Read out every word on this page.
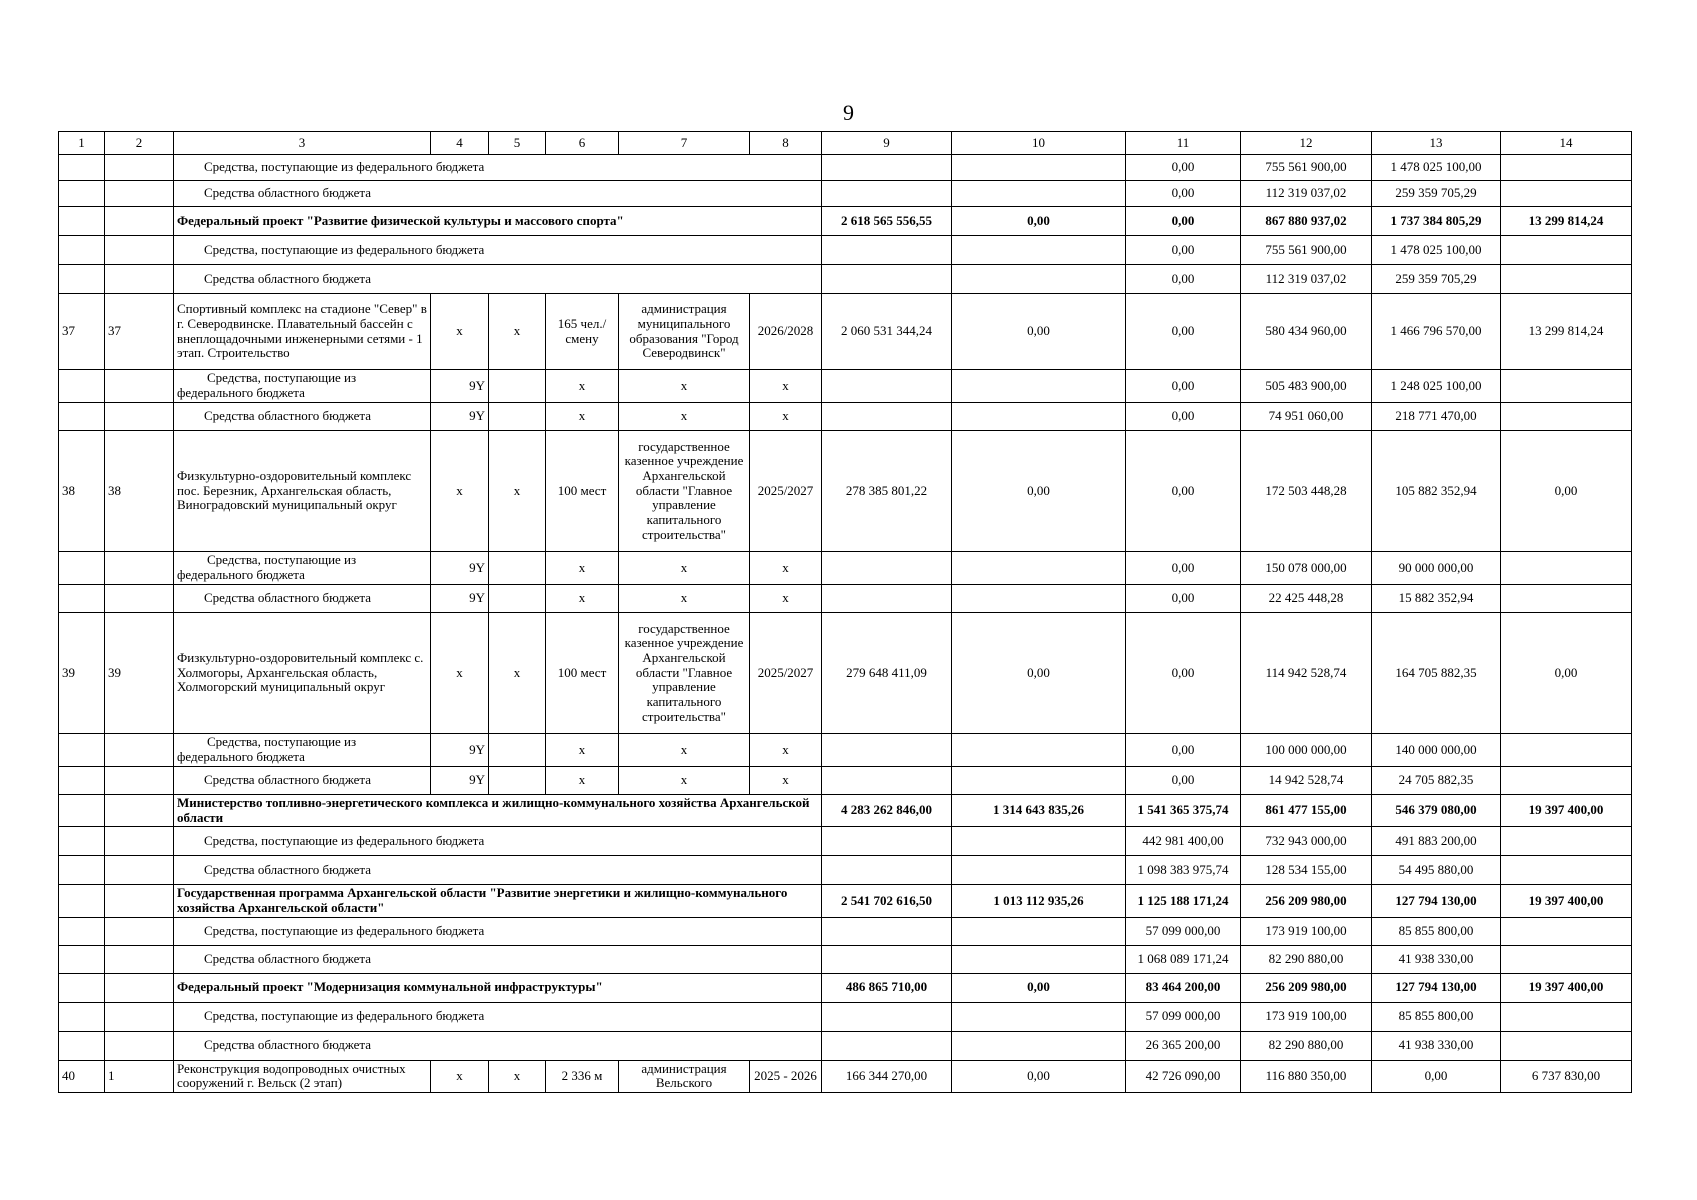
9
1	2	3	4	5	6	7	8	9	10	11	12	13	14
		Средства, поступающие из федерального бюджета								0,00	755 561 900,00	1 478 025 100,00	
		Средства областного бюджета								0,00	112 319 037,02	259 359 705,29	
		Федеральный проект "Развитие физической культуры и массового спорта"						2 618 565 556,55	0,00	0,00	867 880 937,02	1 737 384 805,29	13 299 814,24
		Средства, поступающие из федерального бюджета								0,00	755 561 900,00	1 478 025 100,00	
		Средства областного бюджета								0,00	112 319 037,02	259 359 705,29	
37	37	Спортивный комплекс на стадионе "Север" в г. Северодвинске. Плавательный бассейн с внеплощадочными инженерными сетями - 1 этап. Строительство	x	x	165 чел./смену	администрация муниципального образования "Город Северодвинск"	2026/2028	2 060 531 344,24	0,00	0,00	580 434 960,00	1 466 796 570,00	13 299 814,24
		Средства, поступающие из федерального бюджета	9Y		x	x	x			0,00	505 483 900,00	1 248 025 100,00	
		Средства областного бюджета	9Y		x	x	x			0,00	74 951 060,00	218 771 470,00	
38	38	Физкультурно-оздоровительный комплекс пос. Березник, Архангельская область, Виноградовский муниципальный округ	x	x	100 мест	государственное казенное учреждение Архангельской области "Главное управление капитального строительства"	2025/2027	278 385 801,22	0,00	0,00	172 503 448,28	105 882 352,94	0,00
		Средства, поступающие из федерального бюджета	9Y		x	x	x			0,00	150 078 000,00	90 000 000,00	
		Средства областного бюджета	9Y		x	x	x			0,00	22 425 448,28	15 882 352,94	
39	39	Физкультурно-оздоровительный комплекс с. Холмогоры, Архангельская область, Холмогорский муниципальный округ	x	x	100 мест	государственное казенное учреждение Архангельской области "Главное управление капитального строительства"	2025/2027	279 648 411,09	0,00	0,00	114 942 528,74	164 705 882,35	0,00
		Средства, поступающие из федерального бюджета	9Y		x	x	x			0,00	100 000 000,00	140 000 000,00	
		Средства областного бюджета	9Y		x	x	x			0,00	14 942 528,74	24 705 882,35	
		Министерство топливно-энергетического комплекса и жилищно-коммунального хозяйства Архангельской области						4 283 262 846,00	1 314 643 835,26	1 541 365 375,74	861 477 155,00	546 379 080,00	19 397 400,00
		Средства, поступающие из федерального бюджета								442 981 400,00	732 943 000,00	491 883 200,00	
		Средства областного бюджета								1 098 383 975,74	128 534 155,00	54 495 880,00	
		Государственная программа Архангельской области "Развитие энергетики и жилищно-коммунального хозяйства Архангельской области"						2 541 702 616,50	1 013 112 935,26	1 125 188 171,24	256 209 980,00	127 794 130,00	19 397 400,00
		Средства, поступающие из федерального бюджета								57 099 000,00	173 919 100,00	85 855 800,00	
		Средства областного бюджета								1 068 089 171,24	82 290 880,00	41 938 330,00	
		Федеральный проект "Модернизация коммунальной инфраструктуры"						486 865 710,00	0,00	83 464 200,00	256 209 980,00	127 794 130,00	19 397 400,00
		Средства, поступающие из федерального бюджета								57 099 000,00	173 919 100,00	85 855 800,00	
		Средства областного бюджета								26 365 200,00	82 290 880,00	41 938 330,00	
40	1	Реконструкция водопроводных очистных сооружений г. Вельск (2 этап)	x	x	2 336 м	администрация Вельского	2025 - 2026	166 344 270,00	0,00	42 726 090,00	116 880 350,00	0,00	6 737 830,00
